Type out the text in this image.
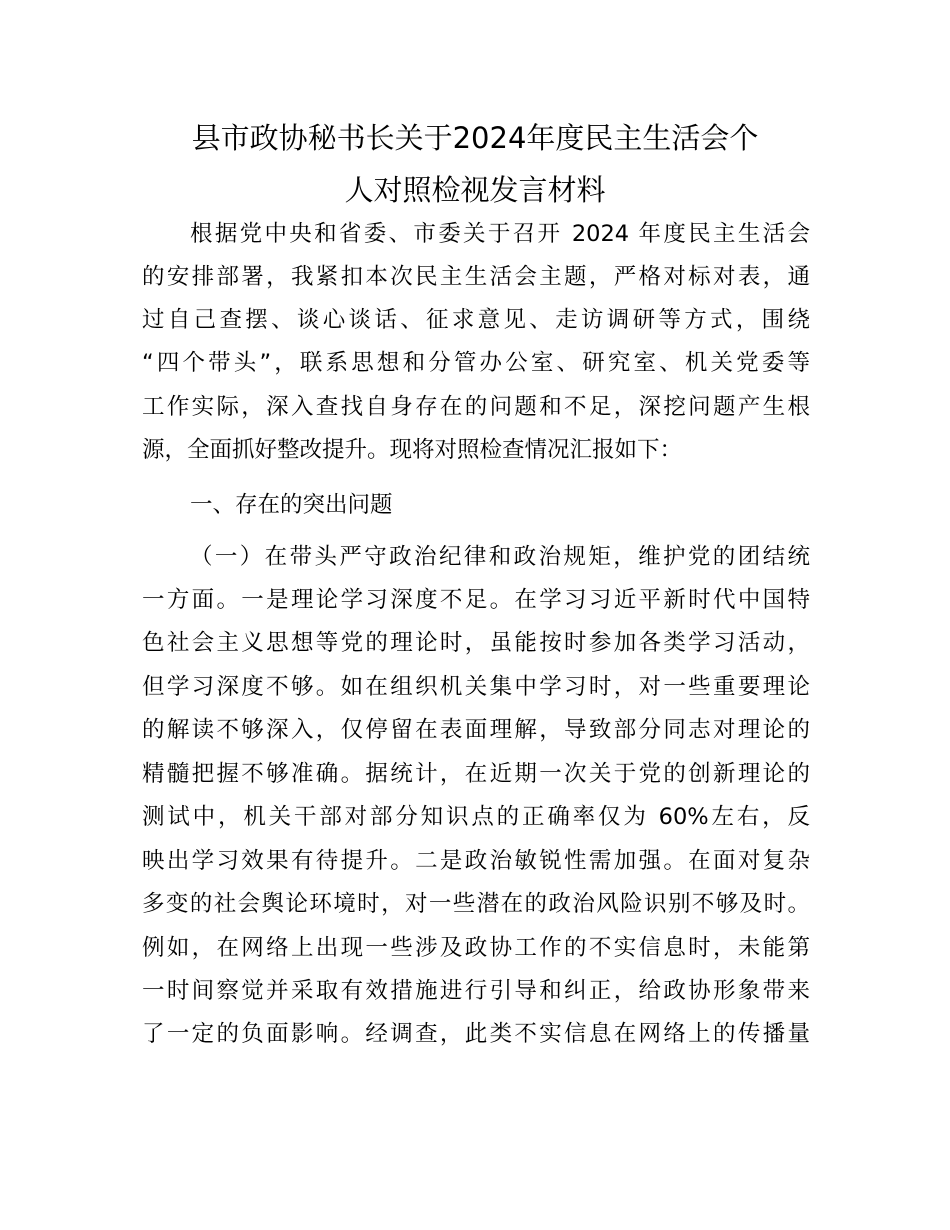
县市政协秘书长关于2024年度民主生活会个
人对照检视发言材料

根据党中央和省委、市委关于召开 2024 年度民主生活会

的安排部署，我紧扣本次民主生活会主题，严格对标对表，通

过自己查摆、谈心谈话、征求意见、走访调研等方式，围绕

“四个带头”，联系思想和分管办公室、研究室、机关党委等

工作实际，深入查找自身存在的问题和不足，深挖问题产生根

源，全面抓好整改提升。现将对照检查情况汇报如下：

一、存在的突出问题

（一）在带头严守政治纪律和政治规矩，维护党的团结统

一方面。一是理论学习深度不足。在学习习近平新时代中国特

色社会主义思想等党的理论时，虽能按时参加各类学习活动，

但学习深度不够。如在组织机关集中学习时，对一些重要理论

的解读不够深入，仅停留在表面理解，导致部分同志对理论的

精髓把握不够准确。据统计，在近期一次关于党的创新理论的

测试中，机关干部对部分知识点的正确率仅为 60%左右，反

映出学习效果有待提升。二是政治敏锐性需加强。在面对复杂

多变的社会舆论环境时，对一些潜在的政治风险识别不够及时。

例如，在网络上出现一些涉及政协工作的不实信息时，未能第

一时间察觉并采取有效措施进行引导和纠正，给政协形象带来

了一定的负面影响。经调查，此类不实信息在网络上的传播量
